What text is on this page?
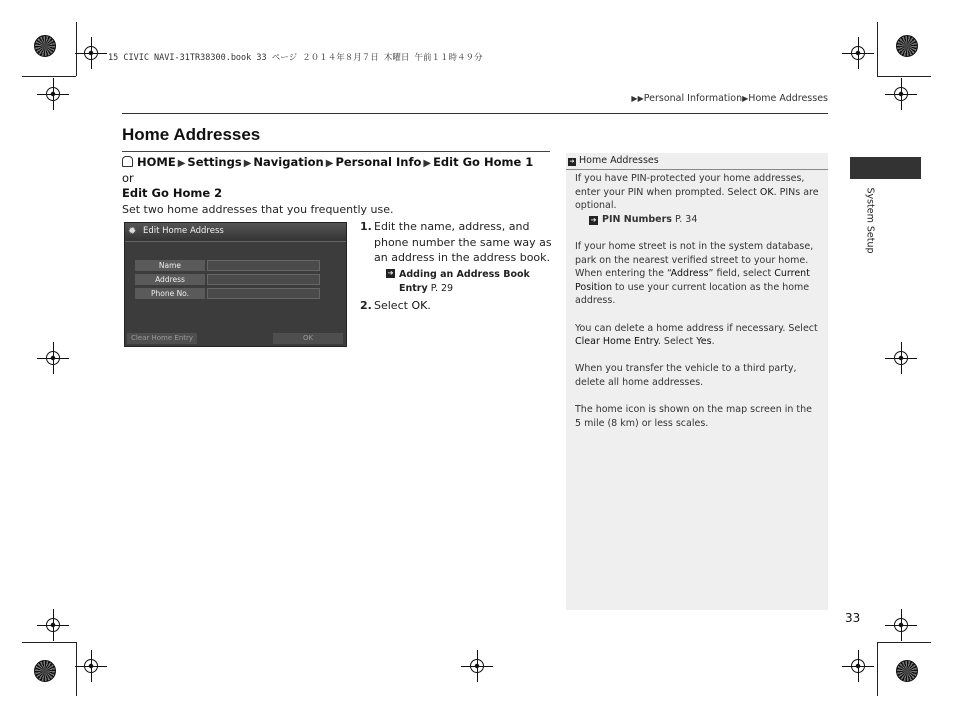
15 CIVIC NAVI-31TR38300.book 33 ページ ２０１４年８月７日 木曜日 午前１１時４９分
▶▶Personal Information▶Home Addresses
Home Addresses
HOME ▶ Settings ▶ Navigation ▶ Personal Info ▶ Edit Go Home 1 or
Edit Go Home 2
Set two home addresses that you frequently use.
✹ Edit Home Address
Name
Address
Phone No.
Clear Home Entry	OK
1. Edit the name, address, and phone number the same way as an address in the address book.
➔ Adding an Address Book Entry P. 29
2. Select OK.
➔ Home Addresses

If you have PIN-protected your home addresses, enter your PIN when prompted. Select OK. PINs are optional.

➔ PIN Numbers P. 34

If your home street is not in the system database, park on the nearest verified street to your home. When entering the “Address” field, select Current Position to use your current location as the home address.

You can delete a home address if necessary. Select Clear Home Entry. Select Yes.

When you transfer the vehicle to a third party, delete all home addresses.

The home icon is shown on the map screen in the 5 mile (8 km) or less scales.

System Setup
33
